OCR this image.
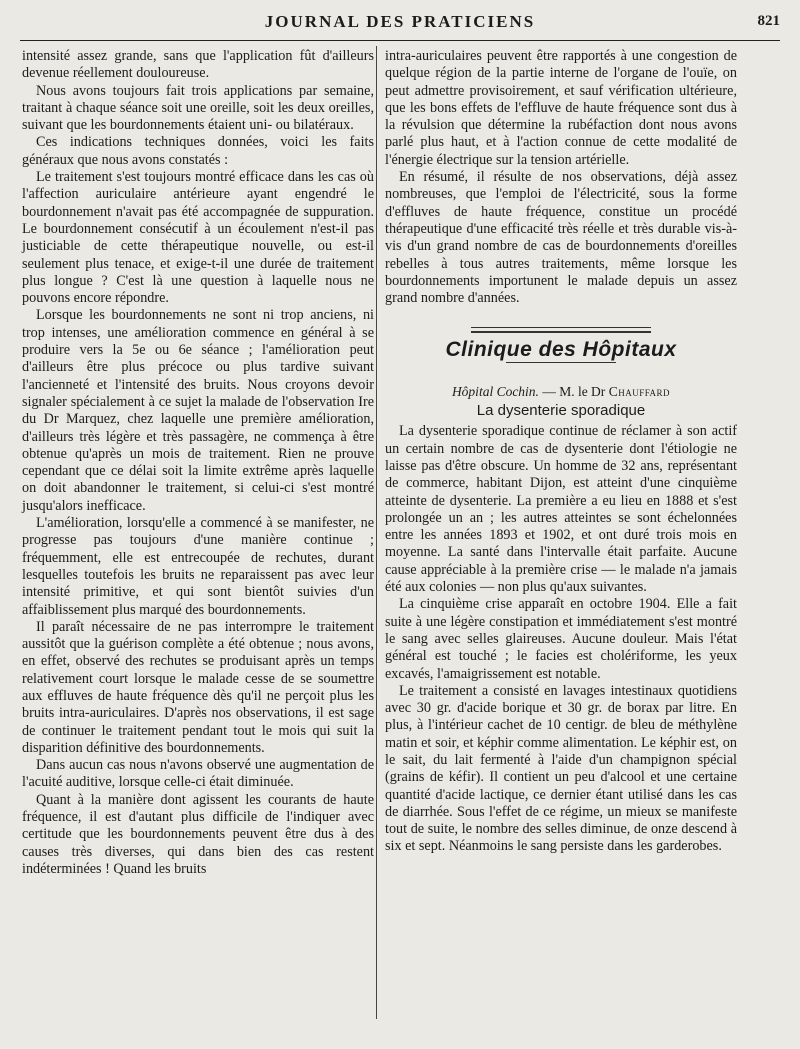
JOURNAL DES PRATICIENS	821

intensité assez grande, sans que l'application fût d'ailleurs devenue réellement douloureuse.

Nous avons toujours fait trois applications par semaine, traitant à chaque séance soit une oreille, soit les deux oreilles, suivant que les bourdonnements étaient uni- ou bilatéraux.

Ces indications techniques données, voici les faits généraux que nous avons constatés :

Le traitement s'est toujours montré efficace dans les cas où l'affection auriculaire antérieure ayant engendré le bourdonnement n'avait pas été accompagnée de suppuration. Le bourdonnement consécutif à un écoulement n'est-il pas justiciable de cette thérapeutique nouvelle, ou est-il seulement plus tenace, et exige-t-il une durée de traitement plus longue ? C'est là une question à laquelle nous ne pouvons encore répondre.

Lorsque les bourdonnements ne sont ni trop anciens, ni trop intenses, une amélioration commence en général à se produire vers la 5e ou 6e séance ; l'amélioration peut d'ailleurs être plus précoce ou plus tardive suivant l'ancienneté et l'intensité des bruits. Nous croyons devoir signaler spécialement à ce sujet la malade de l'observation Ire du Dr Marquez, chez laquelle une première amélioration, d'ailleurs très légère et très passagère, ne commença à être obtenue qu'après un mois de traitement. Rien ne prouve cependant que ce délai soit la limite extrême après laquelle on doit abandonner le traitement, si celui-ci s'est montré jusqu'alors inefficace.

L'amélioration, lorsqu'elle a commencé à se manifester, ne progresse pas toujours d'une manière continue ; fréquemment, elle est entrecoupée de rechutes, durant lesquelles toutefois les bruits ne reparaissent pas avec leur intensité primitive, et qui sont bientôt suivies d'un affaiblissement plus marqué des bourdonnements.

Il paraît nécessaire de ne pas interrompre le traitement aussitôt que la guérison complète a été obtenue ; nous avons, en effet, observé des rechutes se produisant après un temps relativement court lorsque le malade cesse de se soumettre aux effluves de haute fréquence dès qu'il ne perçoit plus les bruits intra-auriculaires. D'après nos observations, il est sage de continuer le traitement pendant tout le mois qui suit la disparition définitive des bourdonnements.

Dans aucun cas nous n'avons observé une augmentation de l'acuité auditive, lorsque celle-ci était diminuée.

Quant à la manière dont agissent les courants de haute fréquence, il est d'autant plus difficile de l'indiquer avec certitude que les bourdonnements peuvent être dus à des causes très diverses, qui dans bien des cas restent indéterminées ! Quand les bruits

intra-auriculaires peuvent être rapportés à une congestion de quelque région de la partie interne de l'organe de l'ouïe, on peut admettre provisoirement, et sauf vérification ultérieure, que les bons effets de l'effluve de haute fréquence sont dus à la révulsion que détermine la rubéfaction dont nous avons parlé plus haut, et à l'action connue de cette modalité de l'énergie électrique sur la tension artérielle.

En résumé, il résulte de nos observations, déjà assez nombreuses, que l'emploi de l'électricité, sous la forme d'effluves de haute fréquence, constitue un procédé thérapeutique d'une efficacité très réelle et très durable vis-à-vis d'un grand nombre de cas de bourdonnements d'oreilles rebelles à tous autres traitements, même lorsque les bourdonnements importunent le malade depuis un assez grand nombre d'années.

Clinique des Hôpitaux
Hôpital Cochin. — M. le Dr Chauffard
La dysenterie sporadique

La dysenterie sporadique continue de réclamer à son actif un certain nombre de cas de dysenterie dont l'étiologie ne laisse pas d'être obscure. Un homme de 32 ans, représentant de commerce, habitant Dijon, est atteint d'une cinquième atteinte de dysenterie. La première a eu lieu en 1888 et s'est prolongée un an ; les autres atteintes se sont échelonnées entre les années 1893 et 1902, et ont duré trois mois en moyenne. La santé dans l'intervalle était parfaite. Aucune cause appréciable à la première crise — le malade n'a jamais été aux colonies — non plus qu'aux suivantes.

La cinquième crise apparaît en octobre 1904. Elle a fait suite à une légère constipation et immédiatement s'est montré le sang avec selles glaireuses. Aucune douleur. Mais l'état général est touché ; le facies est cholériforme, les yeux excavés, l'amaigrissement est notable.

Le traitement a consisté en lavages intestinaux quotidiens avec 30 gr. d'acide borique et 30 gr. de borax par litre. En plus, à l'intérieur cachet de 10 centigr. de bleu de méthylène matin et soir, et képhir comme alimentation. Le képhir est, on le sait, du lait fermenté à l'aide d'un champignon spécial (grains de kéfir). Il contient un peu d'alcool et une certaine quantité d'acide lactique, ce dernier étant utilisé dans les cas de diarrhée. Sous l'effet de ce régime, un mieux se manifeste tout de suite, le nombre des selles diminue, de onze descend à six et sept. Néanmoins le sang persiste dans les garderobes.
